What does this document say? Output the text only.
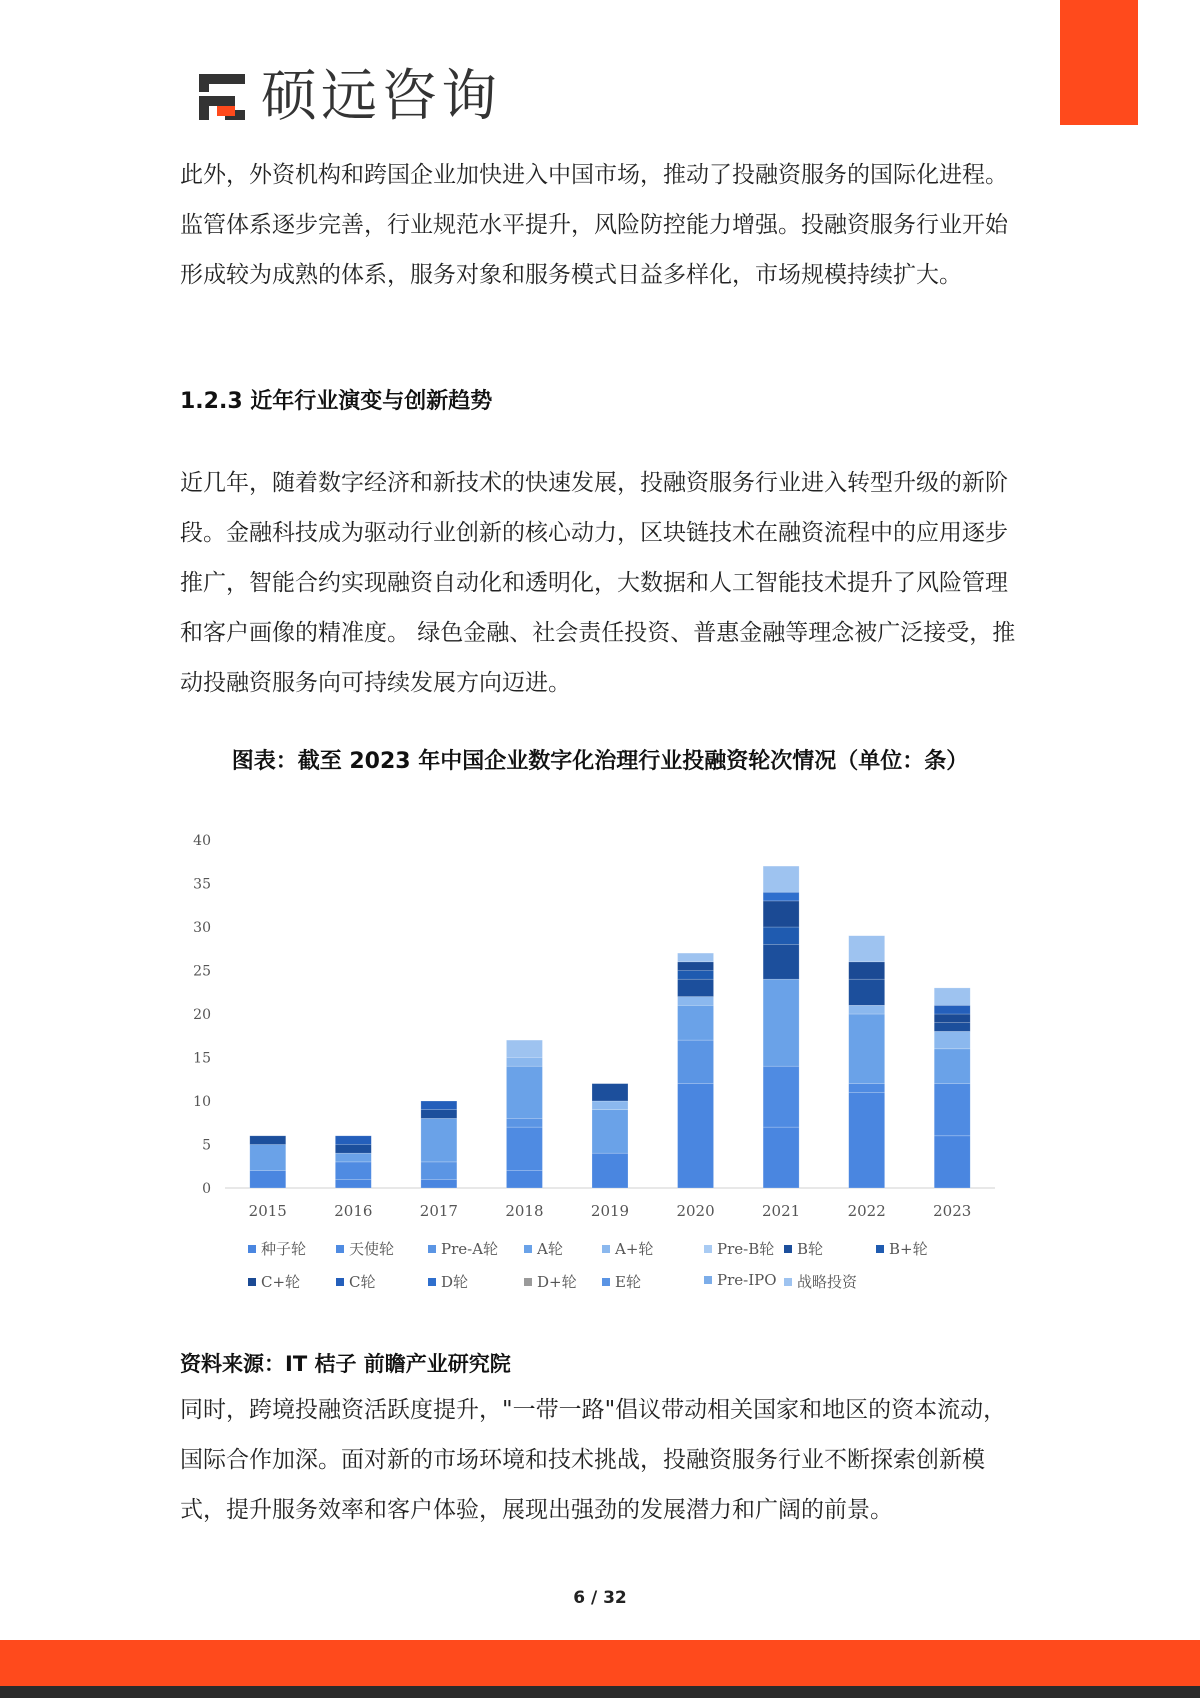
硕远咨询

此外，外资机构和跨国企业加快进入中国市场，推动了投融资服务的国际化进程。监管体系逐步完善，行业规范水平提升，风险防控能力增强。投融资服务行业开始形成较为成熟的体系，服务对象和服务模式日益多样化，市场规模持续扩大。

1.2.3 近年行业演变与创新趋势

近几年，随着数字经济和新技术的快速发展，投融资服务行业进入转型升级的新阶段。金融科技成为驱动行业创新的核心动力，区块链技术在融资流程中的应用逐步推广，智能合约实现融资自动化和透明化，大数据和人工智能技术提升了风险管理和客户画像的精准度。 绿色金融、社会责任投资、普惠金融等理念被广泛接受，推动投融资服务向可持续发展方向迈进。

图表：截至 2023 年中国企业数字化治理行业投融资轮次情况（单位：条）

0
5
10
15
20
25
30
35
40
2015	2016	2017	2018	2019	2020	2021	2022	2023
种子轮	天使轮	Pre-A轮	A轮	A+轮	Pre-B轮 B轮	B+轮
C+轮	C轮	D轮	D+轮	E轮	Pre-IPO 战略投资

资料来源：IT 桔子 前瞻产业研究院

同时，跨境投融资活跃度提升，"一带一路"倡议带动相关国家和地区的资本流动，国际合作加深。面对新的市场环境和技术挑战，投融资服务行业不断探索创新模式，提升服务效率和客户体验，展现出强劲的发展潜力和广阔的前景。

6 / 32
